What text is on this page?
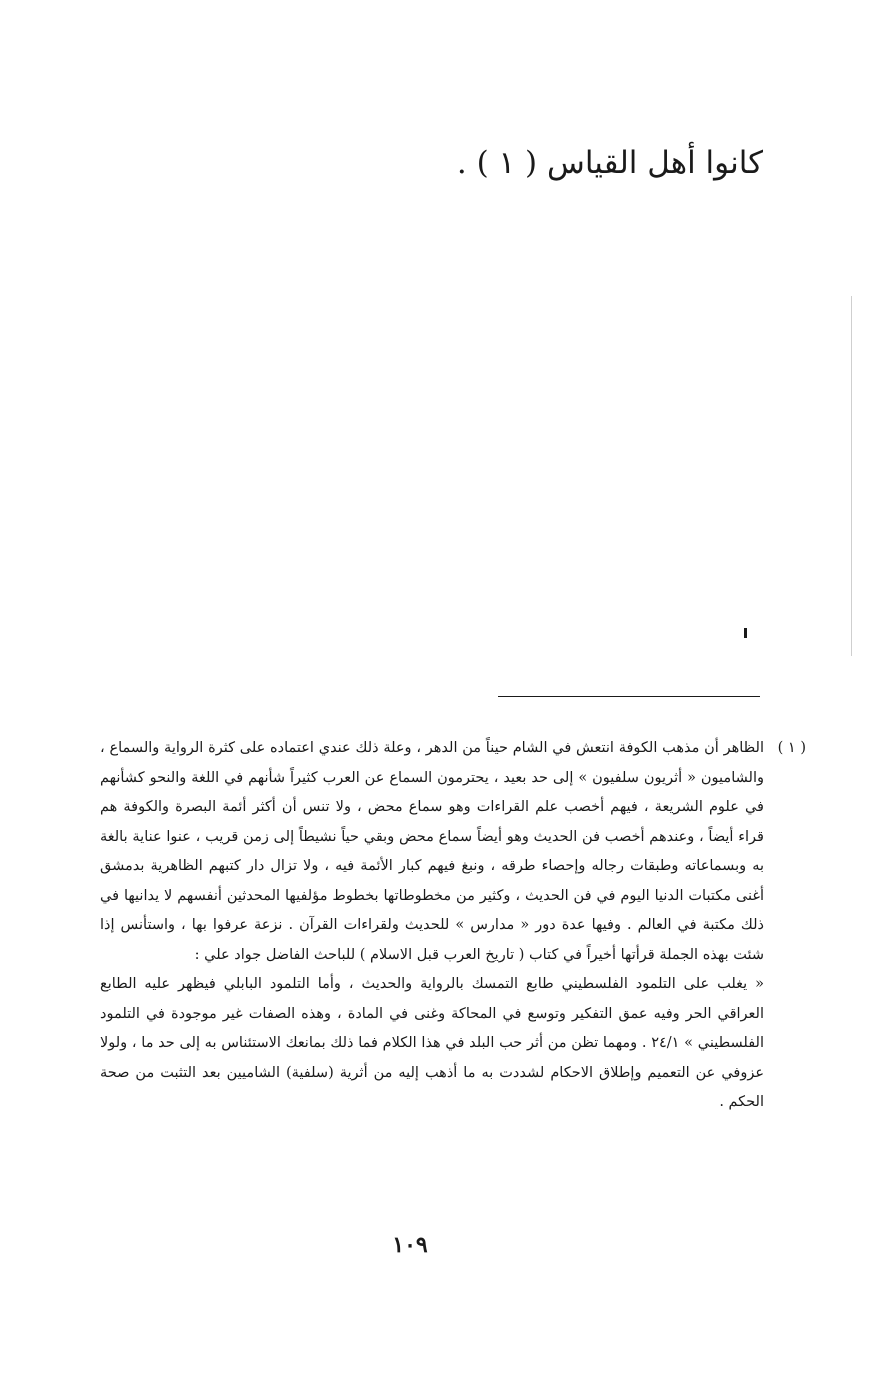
كانوا أهل القياس ( ١ ) .
( ١ )
الظاهر أن مذهب الكوفة انتعش في الشام حيناً من الدهر ، وعلة ذلك عندي اعتماده على كثرة الرواية والسماع ، والشاميون « أثريون سلفيون » إلى حد بعيد ، يحترمون السماع عن العرب كثيراً شأنهم في اللغة والنحو كشأنهم في علوم الشريعة ، فيهم أخصب علم القراءات وهو سماع محض ، ولا تنس أن أكثر أئمة البصرة والكوفة هم قراء أيضاً ، وعندهم أخصب فن الحديث وهو أيضاً سماع محض وبقي حياً نشيطاً إلى زمن قريب ، عنوا عناية بالغة به وبسماعاته وطبقات رجاله وإحصاء طرقه ، ونبغ فيهم كبار الأئمة فيه ، ولا تزال دار كتبهم الظاهرية بدمشق أغنى مكتبات الدنيا اليوم في فن الحديث ، وكثير من مخطوطاتها بخطوط مؤلفيها المحدثين أنفسهم لا يدانيها في ذلك مكتبة في العالم . وفيها عدة دور « مدارس » للحديث ولقراءات القرآن . نزعة عرفوا بها ، واستأنس إذا شئت بهذه الجملة قرأتها أخيراً في كتاب ( تاريخ العرب قبل الاسلام ) للباحث الفاضل جواد علي :

« يغلب على التلمود الفلسطيني طابع التمسك بالرواية والحديث ، وأما التلمود البابلي فيظهر عليه الطابع العراقي الحر وفيه عمق التفكير وتوسع في المحاكة وغنى في المادة ، وهذه الصفات غير موجودة في التلمود الفلسطيني » ٢٤/١ . ومهما تظن من أثر حب البلد في هذا الكلام فما ذلك بمانعك الاستئناس به إلى حد ما ، ولولا عزوفي عن التعميم وإطلاق الاحكام لشددت به ما أذهب إليه من أثرية (سلفية) الشاميين بعد التثبت من صحة الحكم .

١٠٩
